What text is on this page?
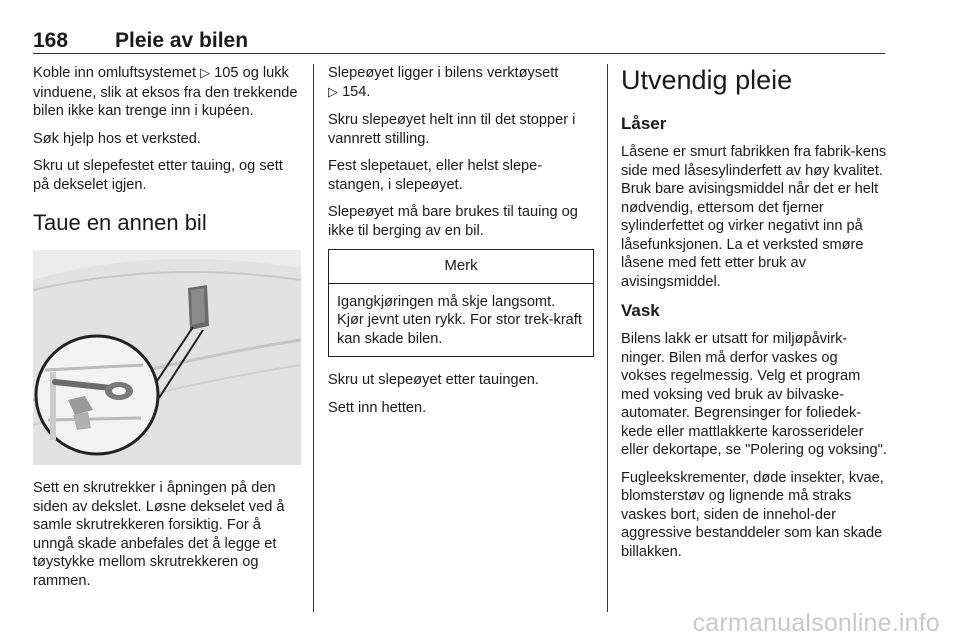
168 Pleie av bilen

Koble inn omluftsystemet ▷ 105 og lukk vinduene, slik at eksos fra den trekkende bilen ikke kan trenge inn i kupéen.

Søk hjelp hos et verksted.

Skru ut slepefestet etter tauing, og sett på dekselet igjen.

Taue en annen bil

Sett en skrutrekker i åpningen på den siden av dekslet. Løsne dekselet ved å samle skrutrekkeren forsiktig. For å unngå skade anbefales det å legge et tøystykke mellom skrutrekkeren og rammen.

Slepeøyet ligger i bilens verktøysett
▷ 154.

Skru slepeøyet helt inn til det stopper i vannrett stilling.

Fest slepetauet, eller helst slepe-stangen, i slepeøyet.

Slepeøyet må bare brukes til tauing og ikke til berging av en bil.

Merk
Igangkjøringen må skje langsomt. Kjør jevnt uten rykk. For stor trek-kraft kan skade bilen.

Skru ut slepeøyet etter tauingen.

Sett inn hetten.

Utvendig pleie
Låser

Låsene er smurt fabrikken fra fabrik-kens side med låsesylinderfett av høy kvalitet. Bruk bare avisingsmiddel når det er helt nødvendig, ettersom det fjerner sylinderfettet og virker negativt inn på låsefunksjonen. La et verksted smøre låsene med fett etter bruk av avisingsmiddel.

Vask

Bilens lakk er utsatt for miljøpåvirk-ninger. Bilen må derfor vaskes og vokses regelmessig. Velg et program med voksing ved bruk av bilvaske-automater. Begrensinger for foliedek-kede eller mattlakkerte karosserideler eller dekortape, se "Polering og voksing".

Fugleekskrementer, døde insekter, kvae, blomsterstøv og lignende må straks vaskes bort, siden de innehol-der aggressive bestanddeler som kan skade billakken.

carmanualsonline.info
